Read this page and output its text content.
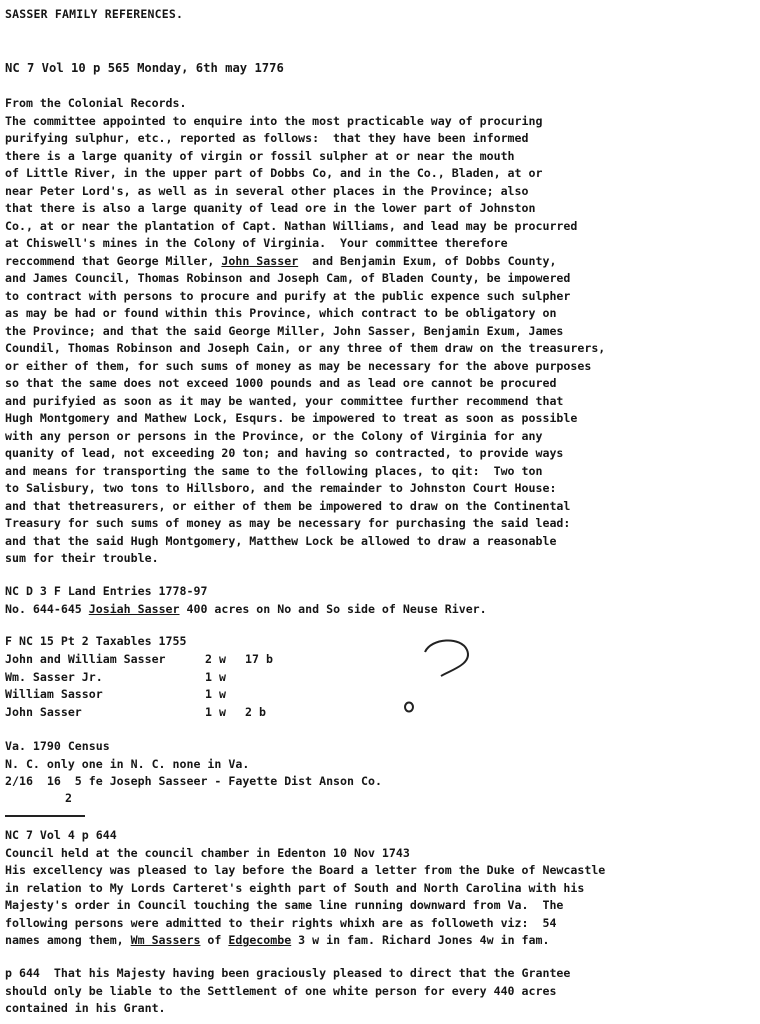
SASSER FAMILY REFERENCES.
NC 7 Vol 10 p 565 Monday, 6th may 1776
From the Colonial Records.
The committee appointed to enquire into the most practicable way of procuring
purifying sulphur, etc., reported as follows:  that they have been informed
there is a large quanity of virgin or fossil sulpher at or near the mouth
of Little River, in the upper part of Dobbs Co, and in the Co., Bladen, at or
near Peter Lord's, as well as in several other places in the Province; also
that there is also a large quanity of lead ore in the lower part of Johnston
Co., at or near the plantation of Capt. Nathan Williams, and lead may be procurred
at Chiswell's mines in the Colony of Virginia.  Your committee therefore
reccommend that George Miller, John Sasser and Benjamin Exum, of Dobbs County,
and James Council, Thomas Robinson and Joseph Cam, of Bladen County, be impowered
to contract with persons to procure and purify at the public expence such sulpher
as may be had or found within this Province, which contract to be obligatory on
the Province; and that the said George Miller, John Sasser, Benjamin Exum, James
Coundil, Thomas Robinson and Joseph Cain, or any three of them draw on the treasurers,
or either of them, for such sums of money as may be necessary for the above purposes
so that the same does not exceed 1000 pounds and as lead ore cannot be procured
and purifyied as soon as it may be wanted, your committee further recommend that
Hugh Montgomery and Mathew Lock, Esqurs. be impowered to treat as soon as possible
with any person or persons in the Province, or the Colony of Virginia for any
quanity of lead, not exceeding 20 ton; and having so contracted, to provide ways
and means for transporting the same to the following places, to qit:  Two ton
to Salisbury, two tons to Hillsboro, and the remainder to Johnston Court House:
and that thetreasurers, or either of them be impowered to draw on the Continental
Treasury for such sums of money as may be necessary for purchasing the said lead:
and that the said Hugh Montgomery, Matthew Lock be allowed to draw a reasonable
sum for their trouble.
NC D 3 F Land Entries 1778-97
No. 644-645 Josiah Sasser 400 acres on No and So side of Neuse River.
F NC 15 Pt 2 Taxables 1755
John and William Sasser	2 w	17 b
Wm. Sasser Jr.	1 w
William Sassor	1 w
John Sasser	1 w	2 b
Va. 1790 Census
N. C. only one in N. C. none in Va.
2/16  16  5 fe Joseph Sasseer - Fayette Dist Anson Co.
2
NC 7 Vol 4 p 644
Council held at the council chamber in Edenton 10 Nov 1743
His excellency was pleased to lay before the Board a letter from the Duke of Newcastle
in relation to My Lords Carteret's eighth part of South and North Carolina with his
Majesty's order in Council touching the same line running downward from Va.  The
following persons were admitted to their rights whixh are as followeth viz:  54
names among them, Wm Sassers of Edgecombe 3 w in fam. Richard Jones 4w in fam.
p 644  That his Majesty having been graciously pleased to direct that the Grantee
should only be liable to the Settlement of one white person for every 440 acres
contained in his Grant.
